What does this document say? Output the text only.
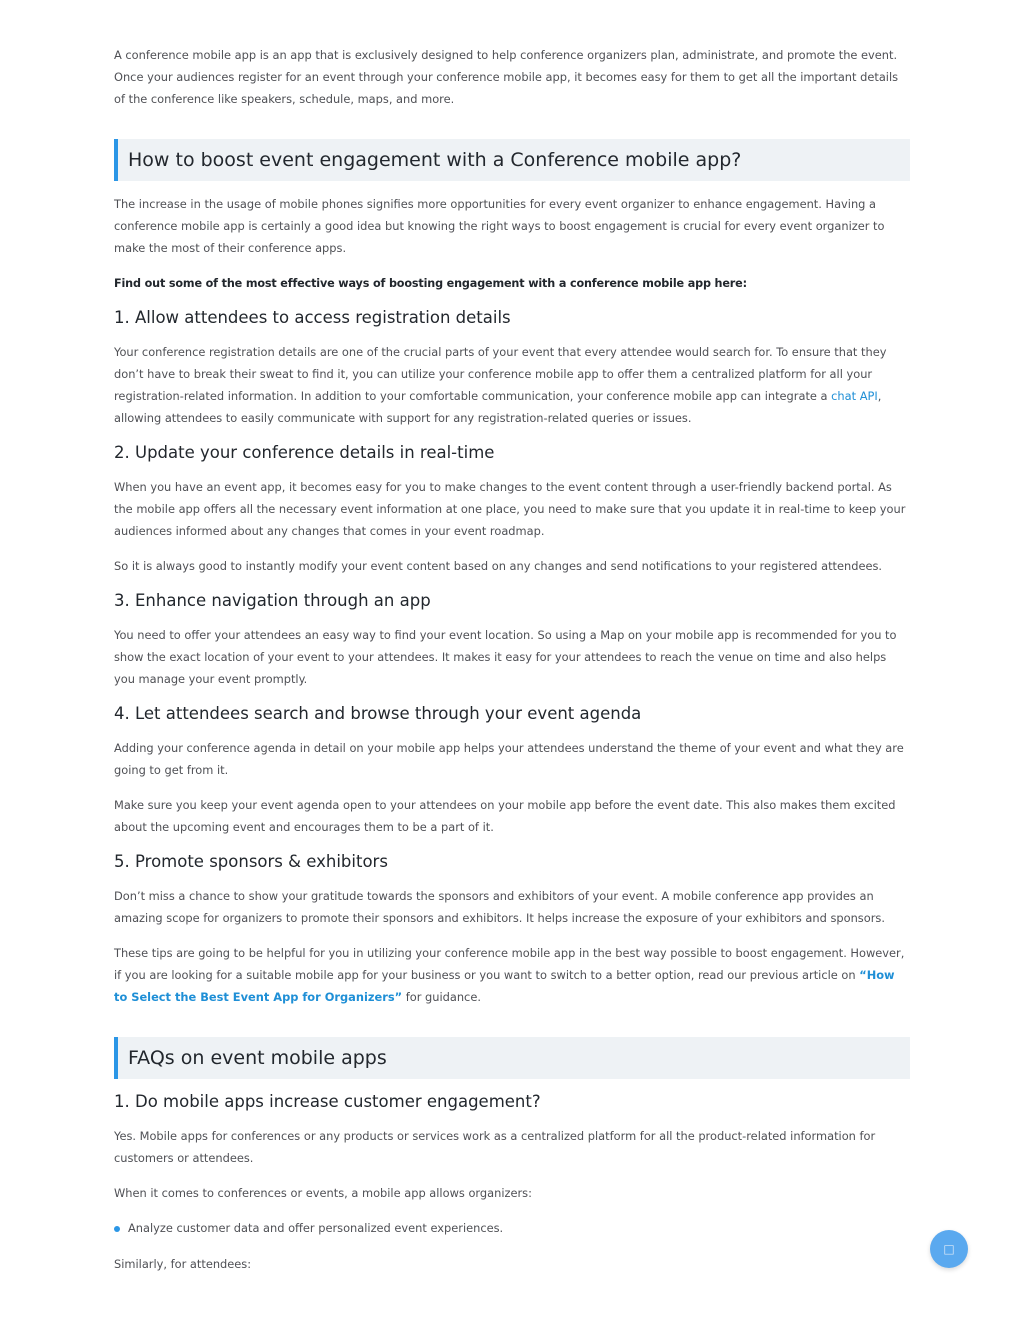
A conference mobile app is an app that is exclusively designed to help conference organizers plan, administrate, and promote the event. Once your audiences register for an event through your conference mobile app, it becomes easy for them to get all the important details of the conference like speakers, schedule, maps, and more.

How to boost event engagement with a Conference mobile app?

The increase in the usage of mobile phones signifies more opportunities for every event organizer to enhance engagement. Having a conference mobile app is certainly a good idea but knowing the right ways to boost engagement is crucial for every event organizer to make the most of their conference apps.

Find out some of the most effective ways of boosting engagement with a conference mobile app here:

1. Allow attendees to access registration details

Your conference registration details are one of the crucial parts of your event that every attendee would search for. To ensure that they don’t have to break their sweat to find it, you can utilize your conference mobile app to offer them a centralized platform for all your registration-related information. In addition to your comfortable communication, your conference mobile app can integrate a chat API, allowing attendees to easily communicate with support for any registration-related queries or issues.

2. Update your conference details in real-time

When you have an event app, it becomes easy for you to make changes to the event content through a user-friendly backend portal. As the mobile app offers all the necessary event information at one place, you need to make sure that you update it in real-time to keep your audiences informed about any changes that comes in your event roadmap.

So it is always good to instantly modify your event content based on any changes and send notifications to your registered attendees.

3. Enhance navigation through an app

You need to offer your attendees an easy way to find your event location. So using a Map on your mobile app is recommended for you to show the exact location of your event to your attendees. It makes it easy for your attendees to reach the venue on time and also helps you manage your event promptly.

4. Let attendees search and browse through your event agenda

Adding your conference agenda in detail on your mobile app helps your attendees understand the theme of your event and what they are going to get from it.

Make sure you keep your event agenda open to your attendees on your mobile app before the event date. This also makes them excited about the upcoming event and encourages them to be a part of it.

5. Promote sponsors & exhibitors

Don’t miss a chance to show your gratitude towards the sponsors and exhibitors of your event. A mobile conference app provides an amazing scope for organizers to promote their sponsors and exhibitors. It helps increase the exposure of your exhibitors and sponsors.

These tips are going to be helpful for you in utilizing your conference mobile app in the best way possible to boost engagement. However, if you are looking for a suitable mobile app for your business or you want to switch to a better option, read our previous article on “How to Select the Best Event App for Organizers” for guidance.

FAQs on event mobile apps
1. Do mobile apps increase customer engagement?

Yes. Mobile apps for conferences or any products or services work as a centralized platform for all the product-related information for customers or attendees.

When it comes to conferences or events, a mobile app allows organizers:

Analyze customer data and offer personalized event experiences.

Similarly, for attendees:

□
